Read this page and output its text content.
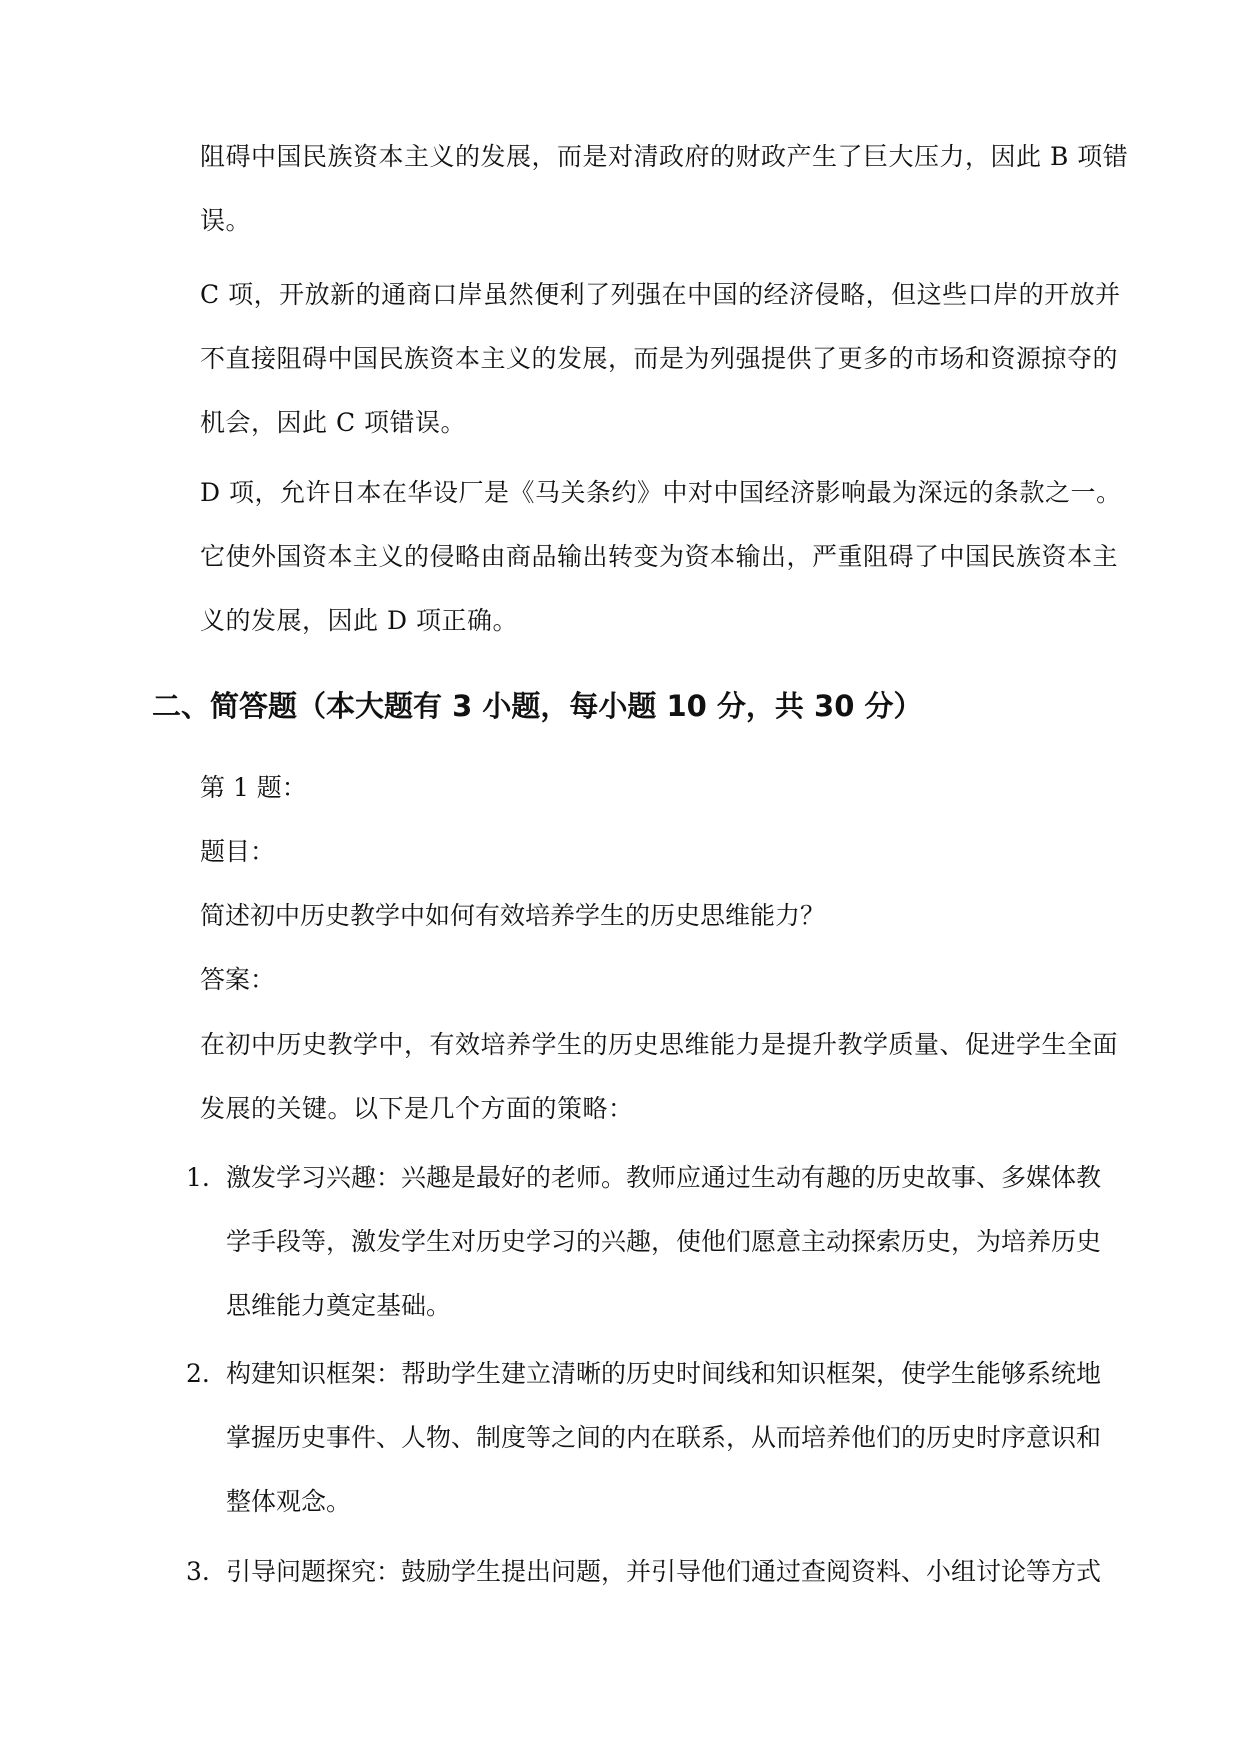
阻碍中国民族资本主义的发展，而是对清政府的财政产生了巨大压力，因此 B 项错
误。
C 项，开放新的通商口岸虽然便利了列强在中国的经济侵略，但这些口岸的开放并
不直接阻碍中国民族资本主义的发展，而是为列强提供了更多的市场和资源掠夺的
机会，因此 C 项错误。
D 项，允许日本在华设厂是《马关条约》中对中国经济影响最为深远的条款之一。
它使外国资本主义的侵略由商品输出转变为资本输出，严重阻碍了中国民族资本主
义的发展，因此 D 项正确。
二、简答题（本大题有 3 小题，每小题 10 分，共 30 分）

第 1 题：

题目：

简述初中历史教学中如何有效培养学生的历史思维能力？

答案：

在初中历史教学中，有效培养学生的历史思维能力是提升教学质量、促进学生全面
发展的关键。以下是几个方面的策略：
1. 激发学习兴趣：兴趣是最好的老师。教师应通过生动有趣的历史故事、多媒体教
学手段等，激发学生对历史学习的兴趣，使他们愿意主动探索历史，为培养历史
思维能力奠定基础。
2. 构建知识框架：帮助学生建立清晰的历史时间线和知识框架，使学生能够系统地
掌握历史事件、人物、制度等之间的内在联系，从而培养他们的历史时序意识和
整体观念。
3. 引导问题探究：鼓励学生提出问题，并引导他们通过查阅资料、小组讨论等方式
